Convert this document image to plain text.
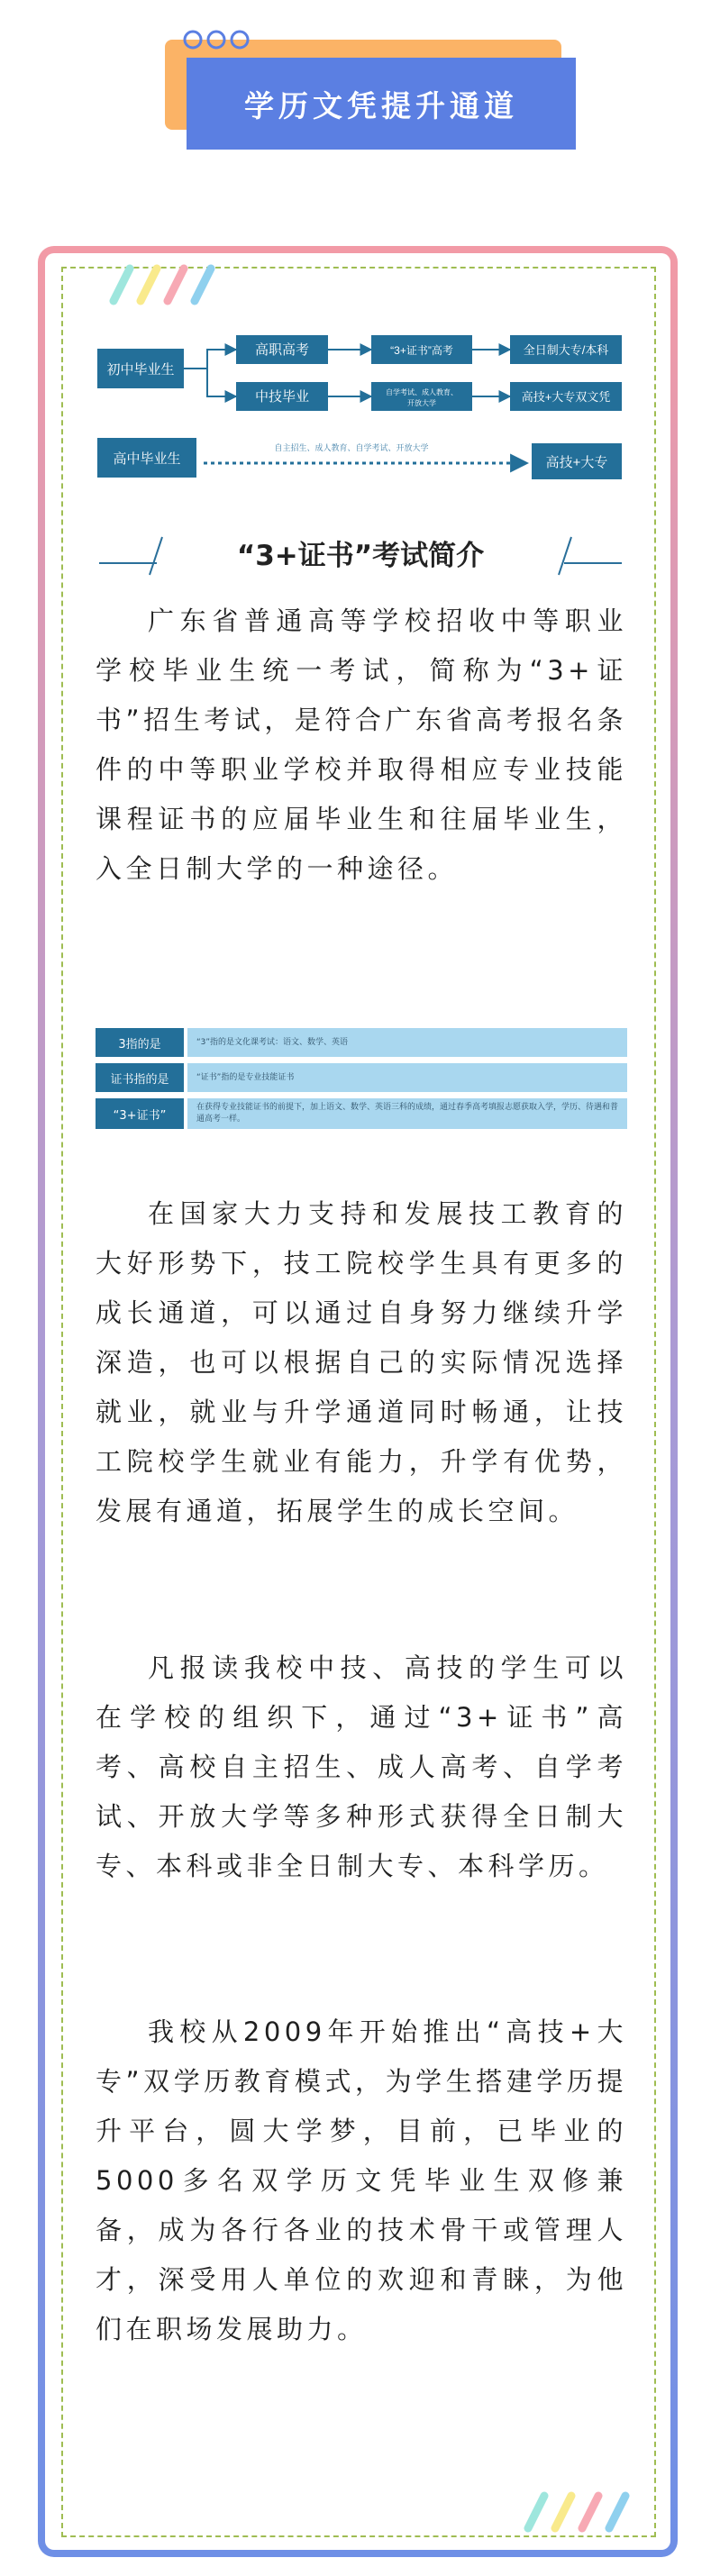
学历文凭提升通道
初中毕业生
高职高考
中技毕业
“3+证书”高考
自学考试、成人教育、
开放大学
全日制大专/本科
高技+大专双文凭
高中毕业生
自主招生、成人教育、自学考试、开放大学
高技+大专
“3+证书”考试简介

广东省普通高等学校招收中等职业学校毕业生统一考试，简称为“3+证书”招生考试，是符合广东省高考报名条件的中等职业学校并取得相应专业技能课程证书的应届毕业生和往届毕业生，入全日制大学的一种途径。

3指的是	“3”指的是文化课考试：语文、数学、英语
证书指的是	“证书”指的是专业技能证书
“3+证书”
在获得专业技能证书的前提下，加上语文、数学、英语三科的成绩，通过春季高考填报志愿获取入学，学历、待遇和普通高考一样。

在国家大力支持和发展技工教育的大好形势下，技工院校学生具有更多的成长通道，可以通过自身努力继续升学深造，也可以根据自己的实际情况选择就业，就业与升学通道同时畅通，让技工院校学生就业有能力，升学有优势，发展有通道，拓展学生的成长空间。

凡报读我校中技、高技的学生可以在学校的组织下，通过“3+证书”高考、高校自主招生、成人高考、自学考试、开放大学等多种形式获得全日制大专、本科或非全日制大专、本科学历。

我校从2009年开始推出“高技+大专”双学历教育模式，为学生搭建学历提升平台，圆大学梦，目前，已毕业的5000多名双学历文凭毕业生双修兼备，成为各行各业的技术骨干或管理人才，深受用人单位的欢迎和青睐，为他们在职场发展助力。
